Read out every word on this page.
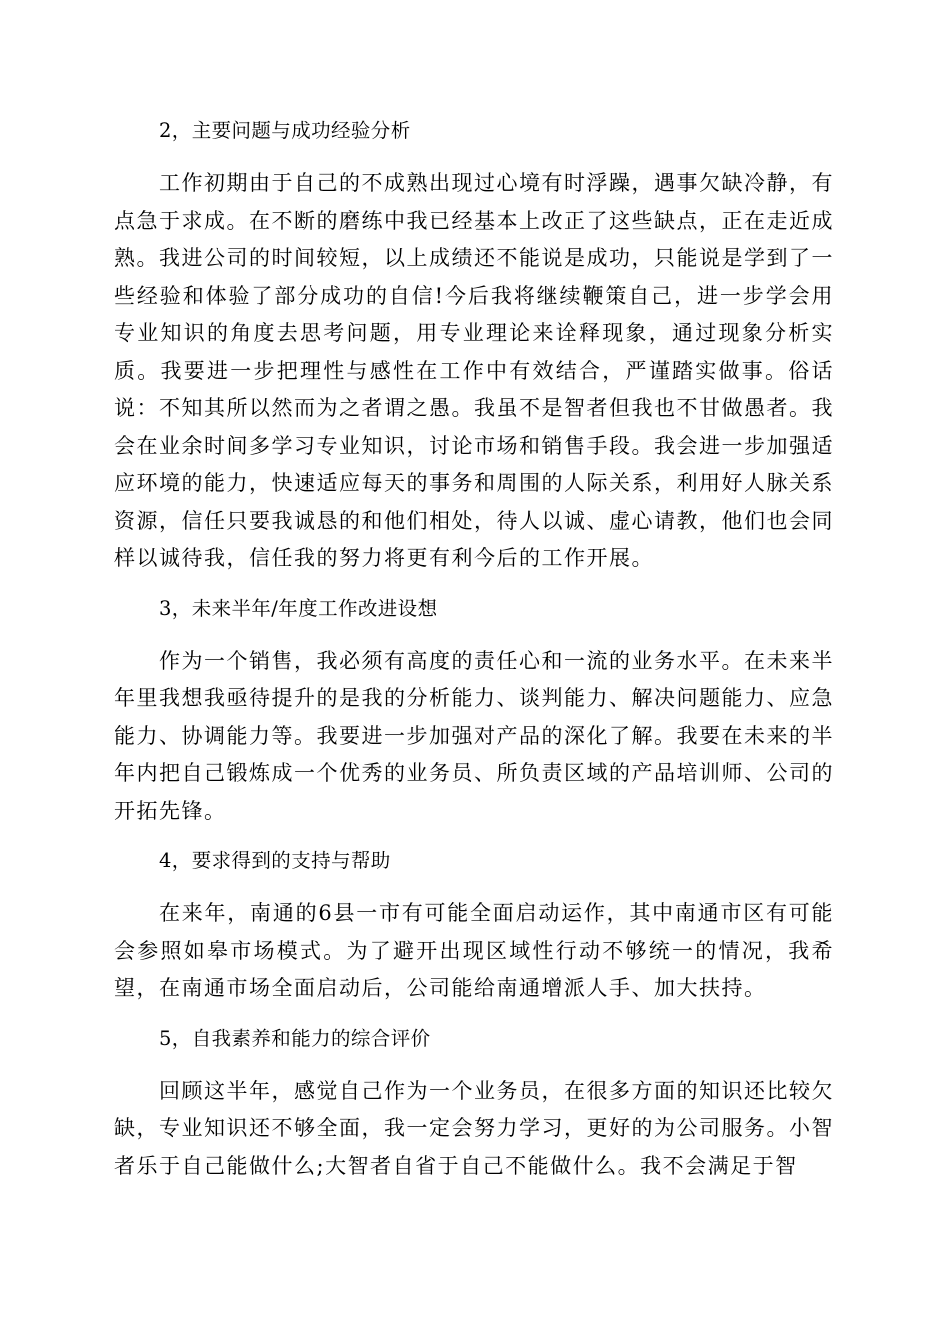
2，主要问题与成功经验分析

工作初期由于自己的不成熟出现过心境有时浮躁，遇事欠缺冷静，有点急于求成。在不断的磨练中我已经基本上改正了这些缺点，正在走近成熟。我进公司的时间较短，以上成绩还不能说是成功，只能说是学到了一些经验和体验了部分成功的自信!今后我将继续鞭策自己，进一步学会用专业知识的角度去思考问题，用专业理论来诠释现象，通过现象分析实质。我要进一步把理性与感性在工作中有效结合，严谨踏实做事。俗话说：不知其所以然而为之者谓之愚。我虽不是智者但我也不甘做愚者。我会在业余时间多学习专业知识，讨论市场和销售手段。我会进一步加强适应环境的能力，快速适应每天的事务和周围的人际关系，利用好人脉关系资源，信任只要我诚恳的和他们相处，待人以诚、虚心请教，他们也会同样以诚待我，信任我的努力将更有利今后的工作开展。

3，未来半年/年度工作改进设想

作为一个销售，我必须有高度的责任心和一流的业务水平。在未来半年里我想我亟待提升的是我的分析能力、谈判能力、解决问题能力、应急能力、协调能力等。我要进一步加强对产品的深化了解。我要在未来的半年内把自己锻炼成一个优秀的业务员、所负责区域的产品培训师、公司的开拓先锋。

4，要求得到的支持与帮助

在来年，南通的6县一市有可能全面启动运作，其中南通市区有可能会参照如皋市场模式。为了避开出现区域性行动不够统一的情况，我希望，在南通市场全面启动后，公司能给南通增派人手、加大扶持。

5，自我素养和能力的综合评价

回顾这半年，感觉自己作为一个业务员，在很多方面的知识还比较欠缺，专业知识还不够全面，我一定会努力学习，更好的为公司服务。小智者乐于自己能做什么;大智者自省于自己不能做什么。我不会满足于智
